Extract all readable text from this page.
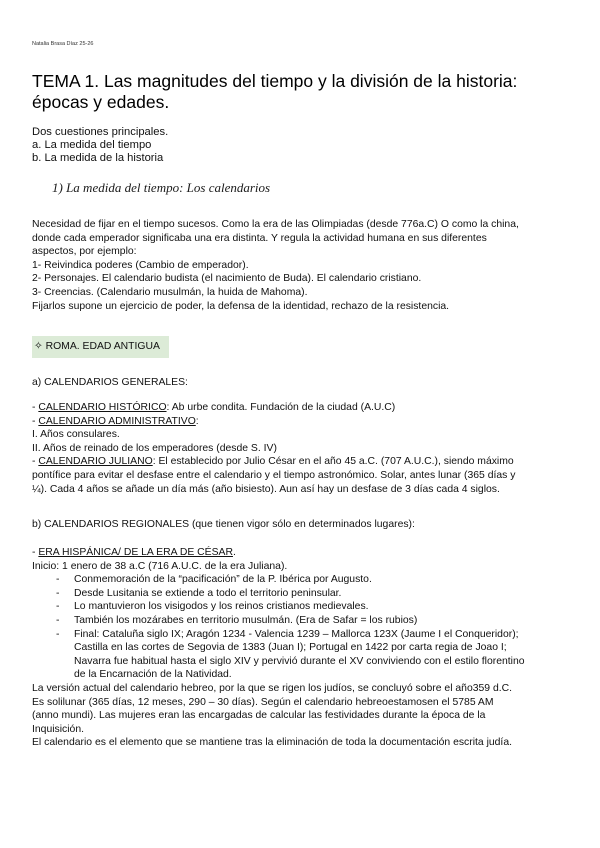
Natalia Brasa Díaz 25-26
TEMA 1. Las magnitudes del tiempo y la división de la historia:
épocas y edades.
Dos cuestiones principales.
a. La medida del tiempo
b. La medida de la historia
1) La medida del tiempo: Los calendarios
Necesidad de fijar en el tiempo sucesos. Como la era de las Olimpiadas (desde 776a.C) O como la china,
donde cada emperador significaba una era distinta. Y regula la actividad humana en sus diferentes
aspectos, por ejemplo:
1- Reivindica poderes (Cambio de emperador).
2- Personajes. El calendario budista (el nacimiento de Buda). El calendario cristiano.
3- Creencias. (Calendario musulmán, la huida de Mahoma).
Fijarlos supone un ejercicio de poder, la defensa de la identidad, rechazo de la resistencia.
✧ ROMA. EDAD ANTIGUA
a) CALENDARIOS GENERALES:
- CALENDARIO HISTÓRICO: Ab urbe condita. Fundación de la ciudad (A.U.C)
- CALENDARIO ADMINISTRATIVO:
I. Años consulares.
II. Años de reinado de los emperadores (desde S. IV)
- CALENDARIO JULIANO: El establecido por Julio César en el año 45 a.C. (707 A.U.C.), siendo máximo
pontífice para evitar el desfase entre el calendario y el tiempo astronómico. Solar, antes lunar (365 días y
¼). Cada 4 años se añade un día más (año bisiesto). Aun así hay un desfase de 3 días cada 4 siglos.
b) CALENDARIOS REGIONALES (que tienen vigor sólo en determinados lugares):
- ERA HISPÁNICA/ DE LA ERA DE CÉSAR.
Inicio: 1 enero de 38 a.C (716 A.U.C. de la era Juliana).
- Conmemoración de la “pacificación” de la P. Ibérica por Augusto.
- Desde Lusitania se extiende a todo el territorio peninsular.
- Lo mantuvieron los visigodos y los reinos cristianos medievales.
- También los mozárabes en territorio musulmán. (Era de Safar = los rubios)
- Final: Cataluña siglo IX; Aragón 1234 - Valencia 1239 – Mallorca 123X (Jaume I el Conqueridor);
Castilla en las cortes de Segovia de 1383 (Juan I); Portugal en 1422 por carta regia de Joao I;
Navarra fue habitual hasta el siglo XIV y pervivió durante el XV conviviendo con el estilo florentino
de la Encarnación de la Natividad.
La versión actual del calendario hebreo, por la que se rigen los judíos, se concluyó sobre el año359 d.C.
Es solilunar (365 días, 12 meses, 290 – 30 días). Según el calendario hebreoestamosen el 5785 AM
(anno mundi). Las mujeres eran las encargadas de calcular las festividades durante la época de la
Inquisición.
El calendario es el elemento que se mantiene tras la eliminación de toda la documentación escrita judía.
